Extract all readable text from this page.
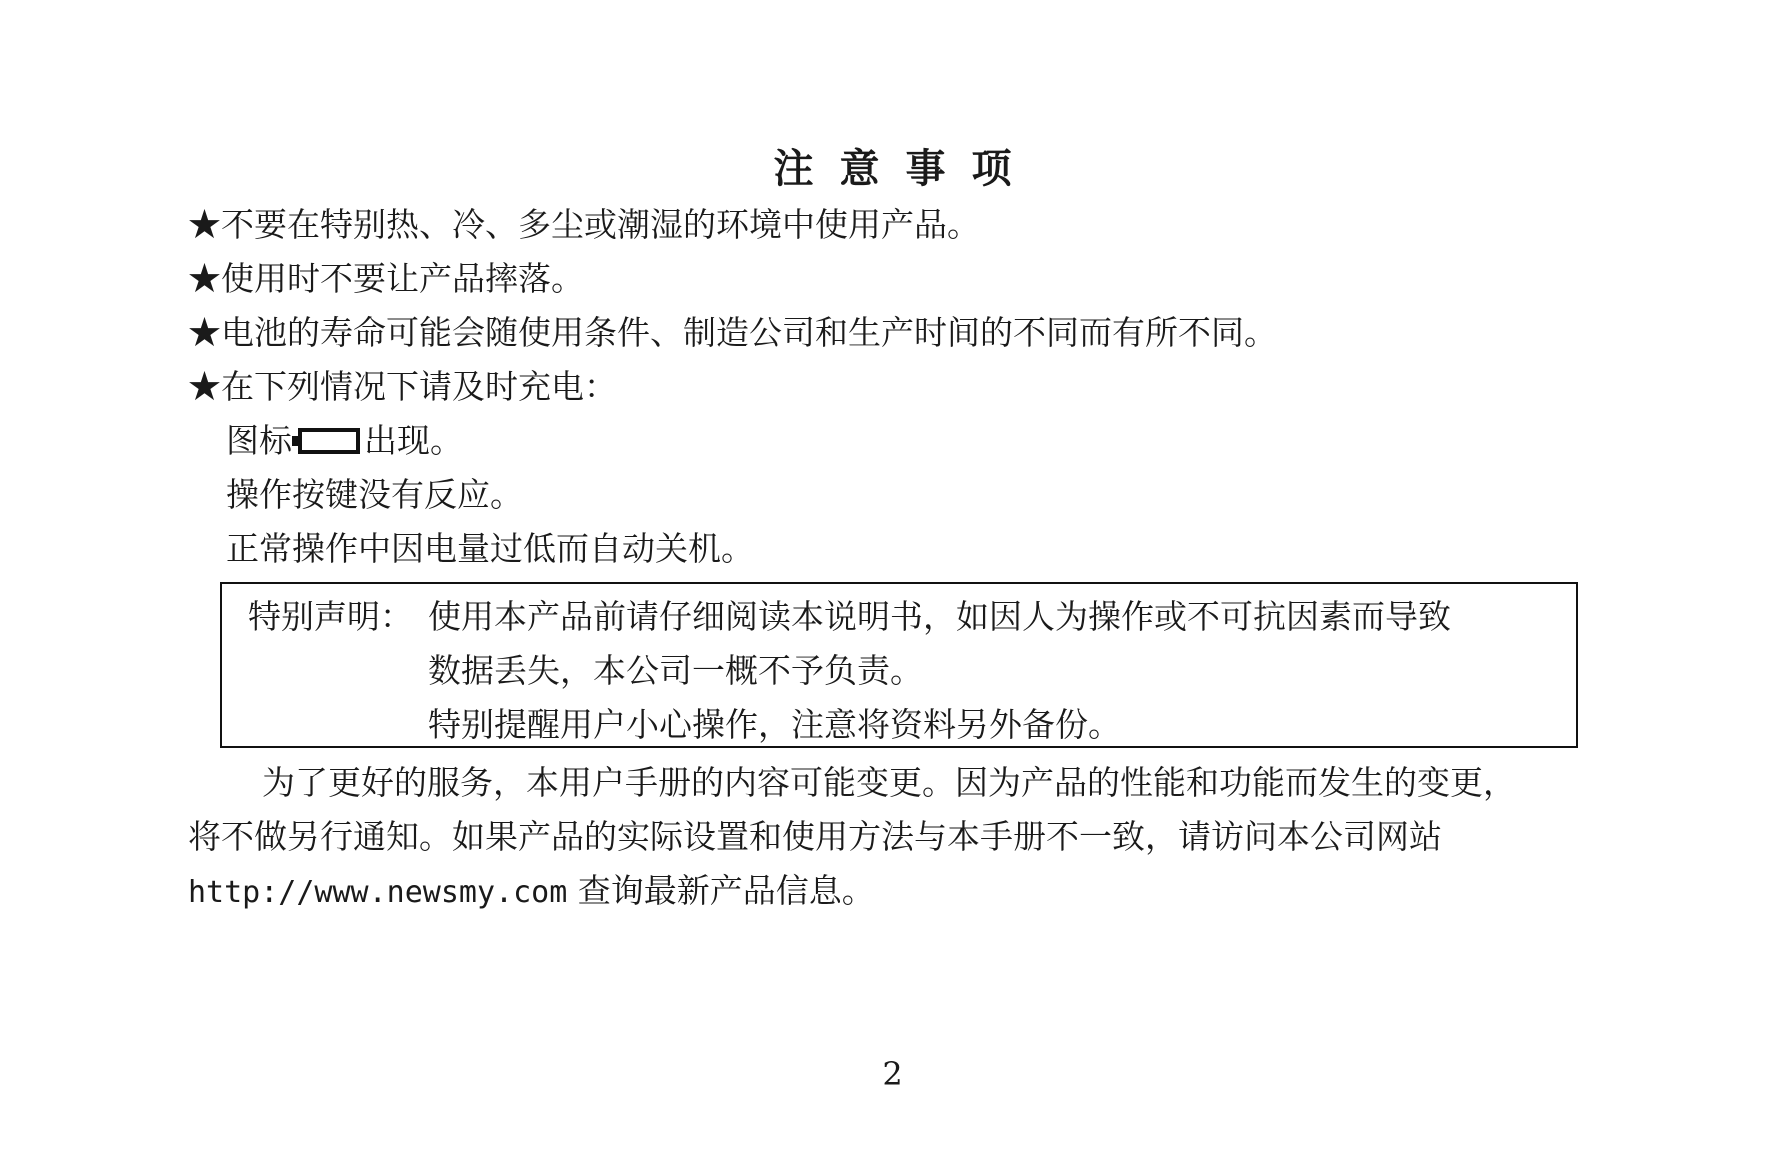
注意事项

★不要在特别热、冷、多尘或潮湿的环境中使用产品。

★使用时不要让产品摔落。

★电池的寿命可能会随使用条件、制造公司和生产时间的不同而有所不同。

★在下列情况下请及时充电：

图标 出现。

操作按键没有反应。

正常操作中因电量过低而自动关机。

特别声明： 使用本产品前请仔细阅读本说明书，如因人为操作或不可抗因素而导致

数据丢失，本公司一概不予负责。

特别提醒用户小心操作，注意将资料另外备份。

为了更好的服务，本用户手册的内容可能变更。因为产品的性能和功能而发生的变更，

将不做另行通知。如果产品的实际设置和使用方法与本手册不一致，请访问本公司网站

http://www.newsmy.com 查询最新产品信息。

2
